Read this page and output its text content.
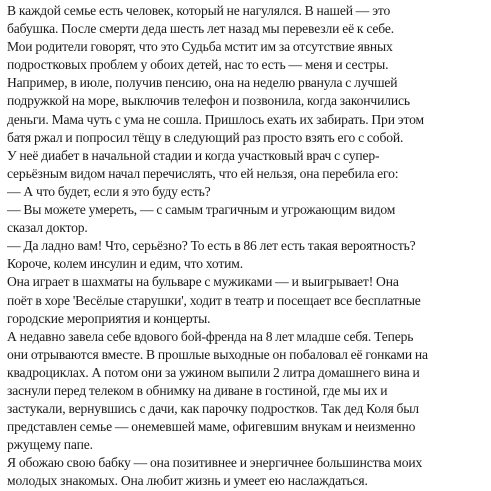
В каждой семье есть человек, который не нагулялся. В нашей — это
бабушка. После смерти деда шесть лет назад мы перевезли её к себе.
Мои родители говорят, что это Судьба мстит им за отсутствие явных
подростковых проблем у обоих детей, нас то есть — меня и сестры.
Например, в июле, получив пенсию, она на неделю рванула с лучшей
подружкой на море, выключив телефон и позвонила, когда закончились
деньги. Мама чуть с ума не сошла. Пришлось ехать их забирать. При этом
батя ржал и попросил тёщу в следующий раз просто взять его с собой.
У неё диабет в начальной стадии и когда участковый врач с супер-
серьёзным видом начал перечислять, что ей нельзя, она перебила его:
— А что будет, если я это буду есть?
— Вы можете умереть, — с самым трагичным и угрожающим видом
сказал доктор.
— Да ладно вам! Что, серьёзно? То есть в 86 лет есть такая вероятность?
Короче, колем инсулин и едим, что хотим.
Она играет в шахматы на бульваре с мужиками — и выигрывает! Она
поёт в хоре 'Весёлые старушки', ходит в театр и посещает все бесплатные
городские мероприятия и концерты.
А недавно завела себе вдового бой-френда на 8 лет младше себя. Теперь
они отрываются вместе. В прошлые выходные он побаловал её гонками на
квадроциклах. А потом они за ужином выпили 2 литра домашнего вина и
заснули перед телеком в обнимку на диване в гостиной, где мы их и
застукали, вернувшись с дачи, как парочку подростков. Так дед Коля был
представлен семье — онемевшей маме, офигевшим внукам и неизменно
ржущему папе.
Я обожаю свою бабку — она позитивнее и энергичнее большинства моих
молодых знакомых. Она любит жизнь и умеет ею наслаждаться.
